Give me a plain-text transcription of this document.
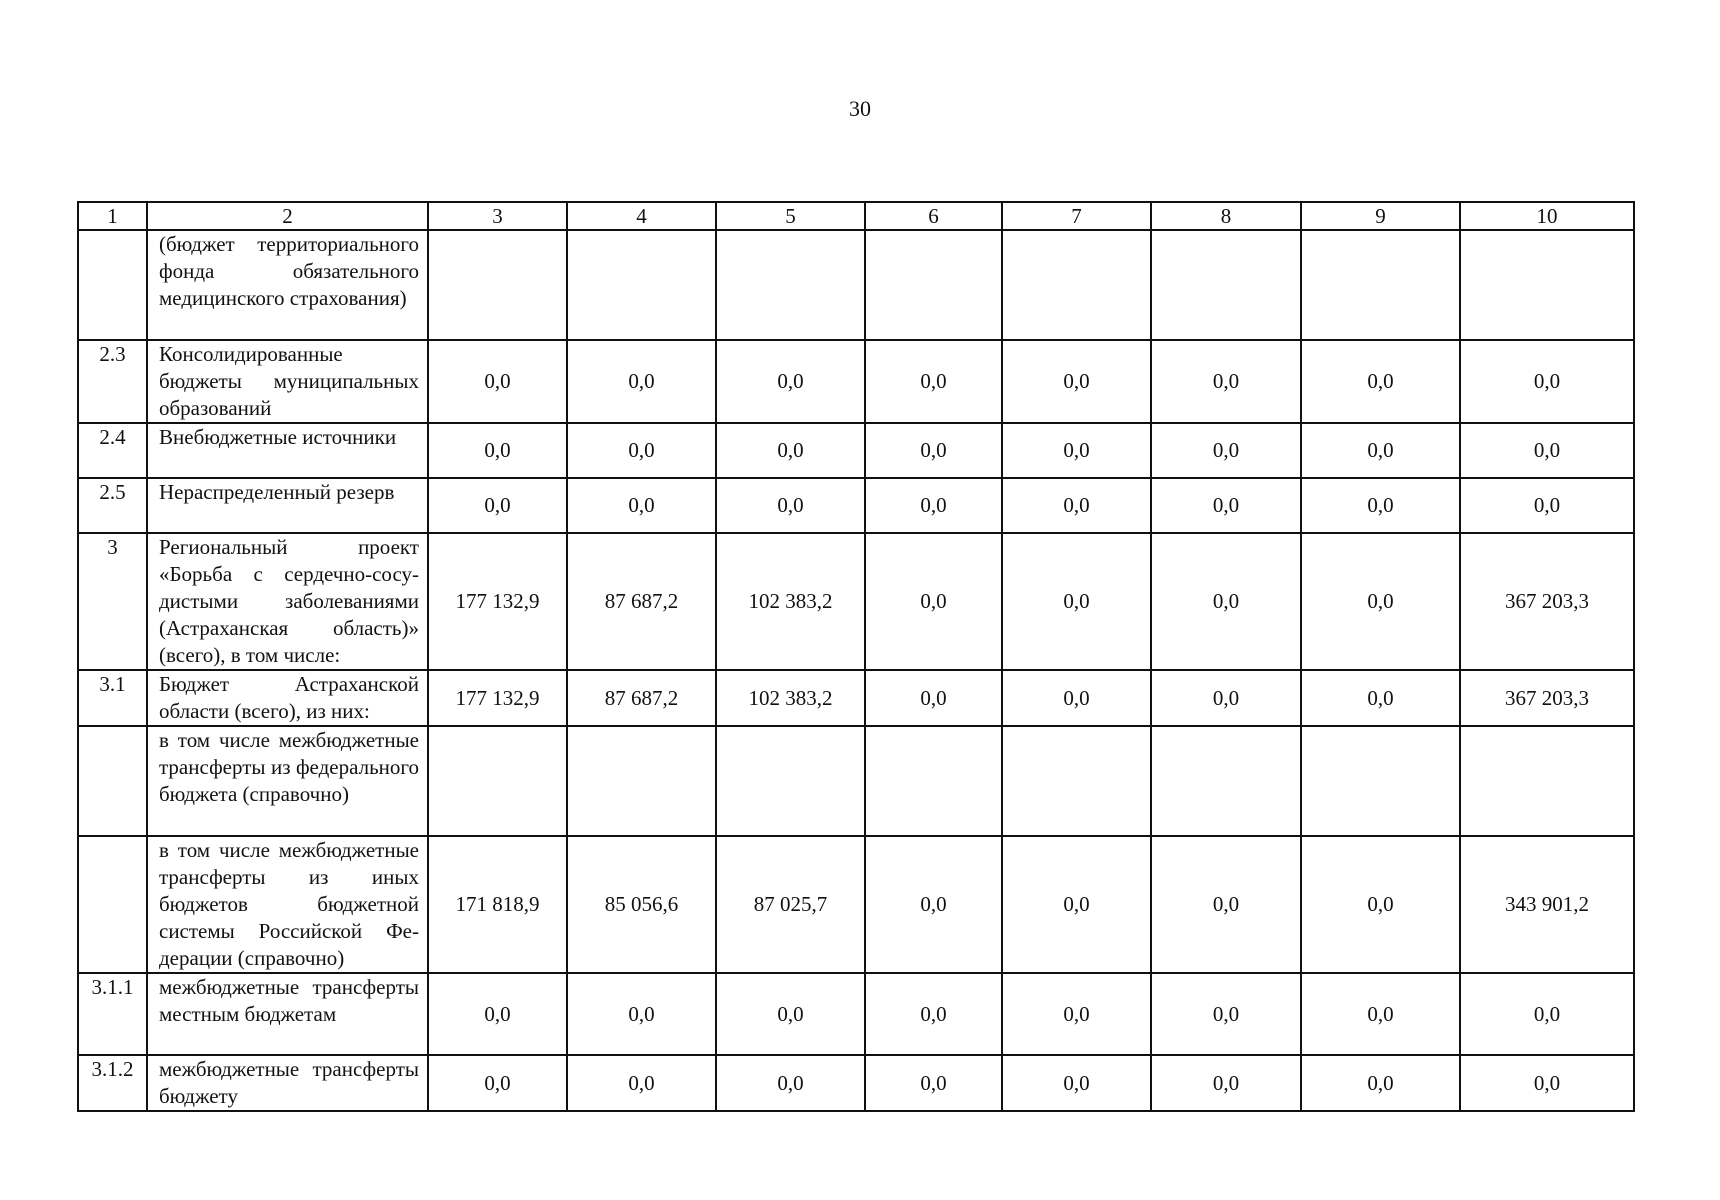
30
1	2	3	4	5	6	7	8	9	10
	(бюджет территориального фонда обязательного медицинского страхования)								
2.3	Консолидированные бюджеты муниципальных образований	0,0	0,0	0,0	0,0	0,0	0,0	0,0	0,0
2.4	Внебюджетные источники	0,0	0,0	0,0	0,0	0,0	0,0	0,0	0,0
2.5	Нераспределенный резерв	0,0	0,0	0,0	0,0	0,0	0,0	0,0	0,0
3	Региональный проект «Борьба с сердечно-сосудистыми заболеваниями (Астраханская область)» (всего), в том числе:	177 132,9	87 687,2	102 383,2	0,0	0,0	0,0	0,0	367 203,3
3.1	Бюджет Астраханской области (всего), из них:	177 132,9	87 687,2	102 383,2	0,0	0,0	0,0	0,0	367 203,3
	в том числе межбюджетные трансферты из федерального бюджета (справочно)								
	в том числе межбюджетные трансферты из иных бюджетов бюджетной системы Российской Федерации (справочно)	171 818,9	85 056,6	87 025,7	0,0	0,0	0,0	0,0	343 901,2
3.1.1	межбюджетные трансферты местным бюджетам	0,0	0,0	0,0	0,0	0,0	0,0	0,0	0,0
3.1.2	межбюджетные трансферты бюджету	0,0	0,0	0,0	0,0	0,0	0,0	0,0	0,0
